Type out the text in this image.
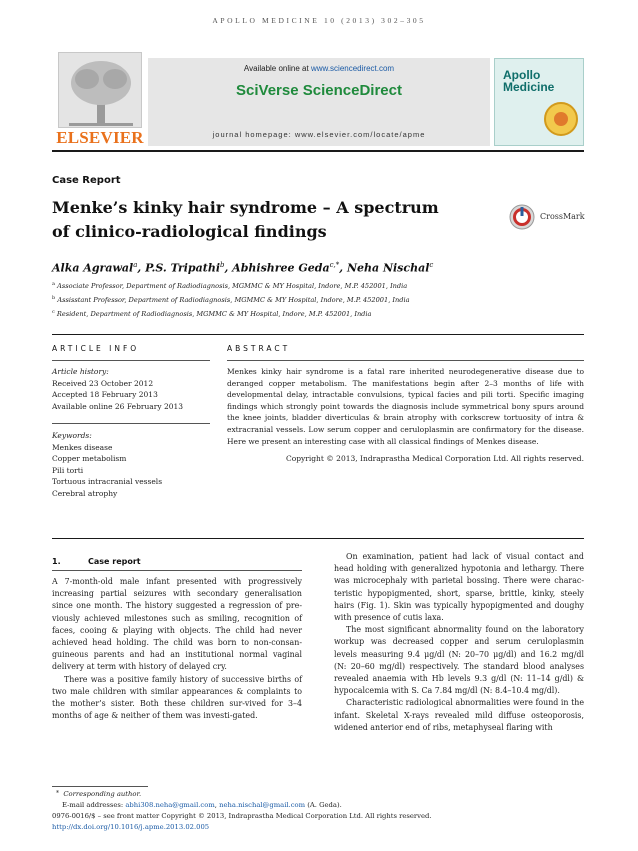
APOLLO MEDICINE 10 (2013) 302–305
ELSEVIER
Available online at www.sciencedirect.com
SciVerse ScienceDirect
journal homepage: www.elsevier.com/locate/apme
Apollo
Medicine
Case Report
Menke’s kinky hair syndrome – A spectrum
of clinico-radiological findings
CrossMark
Alka Agrawal$^a$, P.S. Tripathi$^b$, Abhishree Geda$^{c,*}$, Neha Nischal$^c$
$^a$ Associate Professor, Department of Radiodiagnosis, MGMMC & MY Hospital, Indore, M.P. 452001, India
$^b$ Assisstant Professor, Department of Radiodiagnosis, MGMMC & MY Hospital, Indore, M.P. 452001, India
$^c$ Resident, Department of Radiodiagnosis, MGMMC & MY Hospital, Indore, M.P. 452001, India
ARTICLE INFO	ABSTRACT
Article history:
Received 23 October 2012
Accepted 18 February 2013
Available online 26 February 2013
Keywords:
Menkes disease
Copper metabolism
Pili torti
Tortuous intracranial vessels
Cerebral atrophy
Menkes kinky hair syndrome is a fatal rare inherited neurodegenerative disease due to deranged copper metabolism. The manifestations begin after 2–3 months of life with developmental delay, intractable convulsions, typical facies and pili torti. Specific imaging findings which strongly point towards the diagnosis include symmetrical bony spurs around the knee joints, bladder diverticulas & brain atrophy with corkscrew tortuosity of intra & extracranial vessels. Low serum copper and ceruloplasmin are confirmatory for the disease. Here we present an interesting case with all classical findings of Menkes disease.
Copyright © 2013, Indraprastha Medical Corporation Ltd. All rights reserved.
1.	Case report

A 7-month-old male infant presented with progressively increasing partial seizures with secondary generalisation since one month. The history suggested a regression of pre-viously achieved milestones such as smiling, recognition of faces, cooing & playing with objects. The child had never achieved head holding. The child was born to non-consan-guineous parents and had an institutional normal vaginal delivery at term with history of delayed cry.

There was a positive family history of successive births of two male children with similar appearances & complaints to the mother’s sister. Both these children sur-vived for 3–4 months of age & neither of them was investi-gated.

On examination, patient had lack of visual contact and head holding with generalized hypotonia and lethargy. There was microcephaly with parietal bossing. There were charac-teristic hypopigmented, short, sparse, brittle, kinky, steely hairs (Fig. 1). Skin was typically hypopigmented and doughy with presence of cutis laxa.

The most significant abnormality found on the laboratory workup was decreased copper and serum ceruloplasmin levels measuring 9.4 μg/dl (N: 20–70 μg/dl) and 16.2 mg/dl (N: 20–60 mg/dl) respectively. The standard blood analyses revealed anaemia with Hb levels 9.3 g/dl (N: 11–14 g/dl) & hypocalcemia with S. Ca 7.84 mg/dl (N: 8.4–10.4 mg/dl).

Characteristic radiological abnormalities were found in the infant. Skeletal X-rays revealed mild diffuse osteoporosis, widened anterior end of ribs, metaphyseal flaring with

* Corresponding author.
E-mail addresses: abhi308.neha@gmail.com, neha.nischal@gmail.com (A. Geda).
0976-0016/$ – see front matter Copyright © 2013, Indraprastha Medical Corporation Ltd. All rights reserved.
http://dx.doi.org/10.1016/j.apme.2013.02.005
